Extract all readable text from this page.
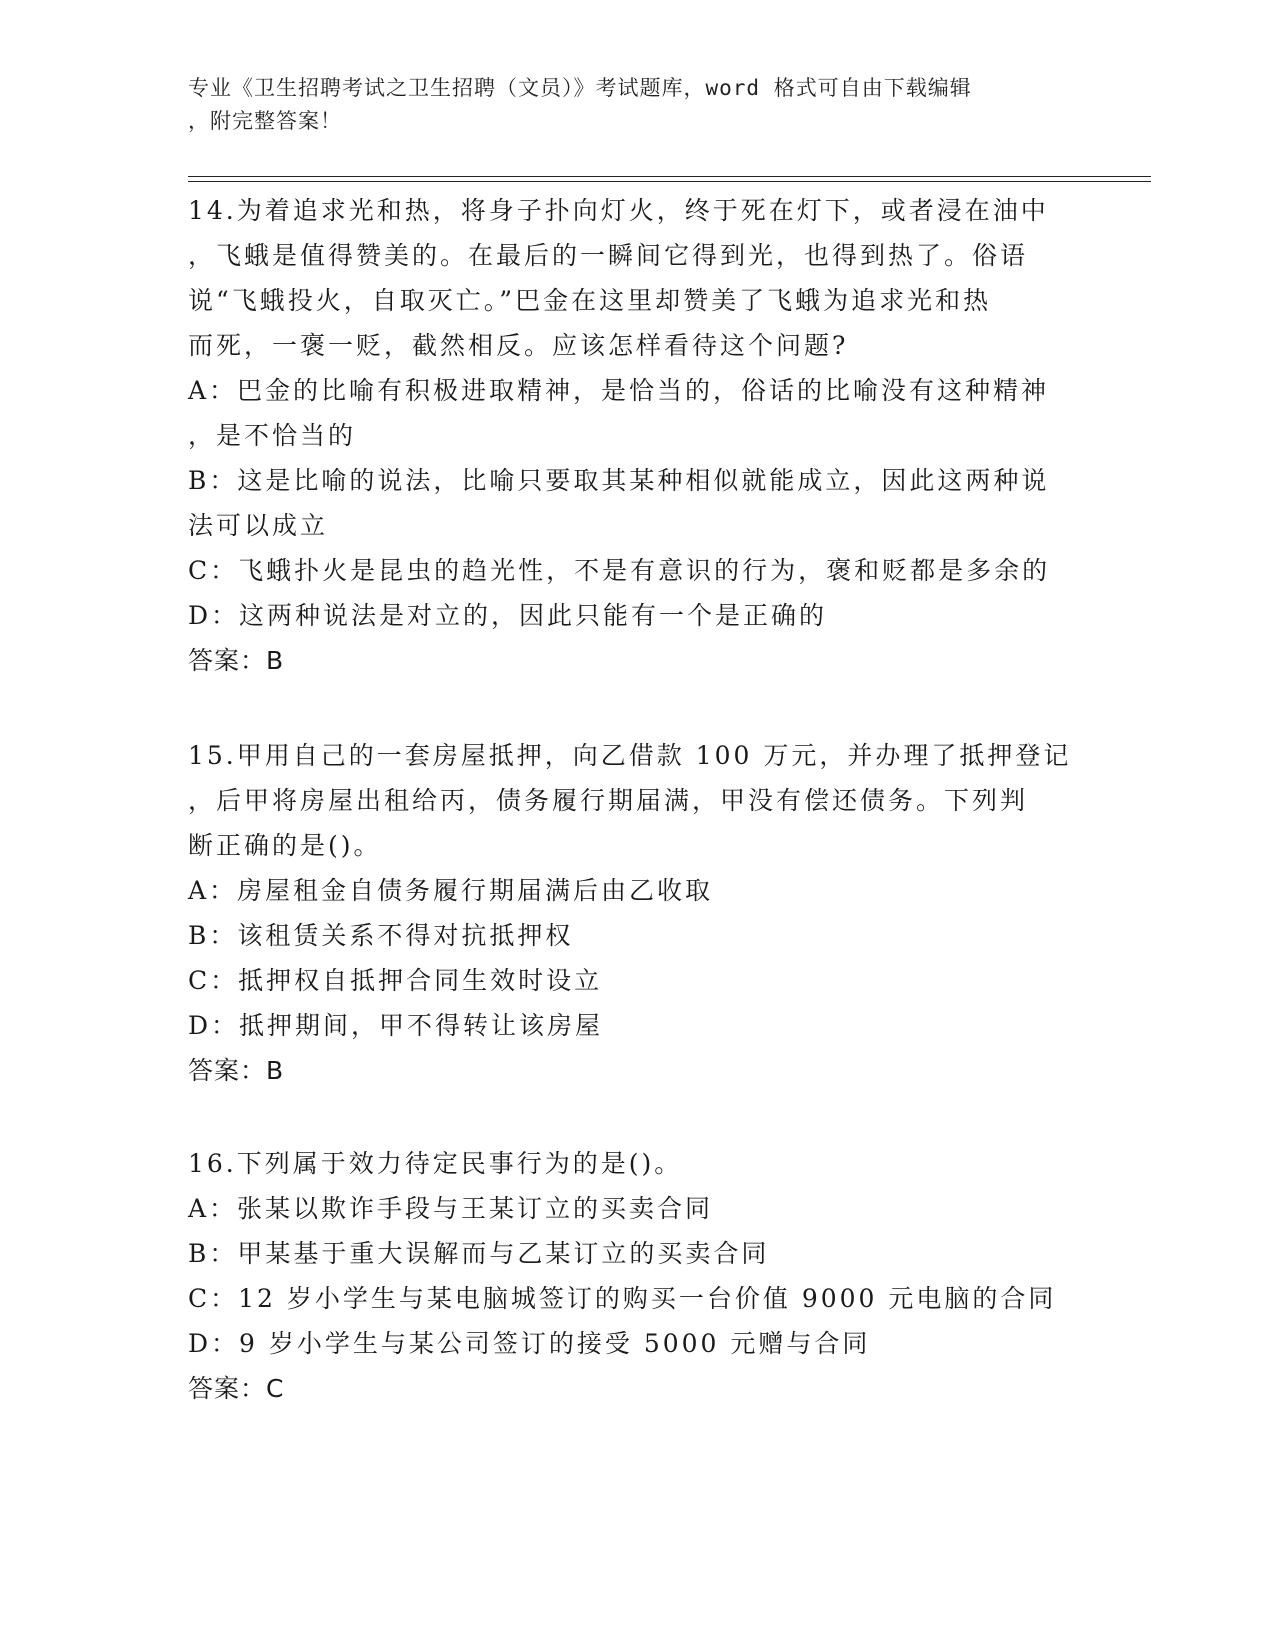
专业《卫生招聘考试之卫生招聘（文员）》考试题库，word 格式可自由下载编辑
，附完整答案！
14.为着追求光和热，将身子扑向灯火，终于死在灯下，或者浸在油中
，飞蛾是值得赞美的。在最后的一瞬间它得到光，也得到热了。俗语
说“飞蛾投火，自取灭亡。”巴金在这里却赞美了飞蛾为追求光和热
而死，一褒一贬，截然相反。应该怎样看待这个问题?
A：巴金的比喻有积极进取精神，是恰当的，俗话的比喻没有这种精神
，是不恰当的
B：这是比喻的说法，比喻只要取其某种相似就能成立，因此这两种说
法可以成立
C：飞蛾扑火是昆虫的趋光性，不是有意识的行为，褒和贬都是多余的
D：这两种说法是对立的，因此只能有一个是正确的
答案：B
15.甲用自己的一套房屋抵押，向乙借款 100 万元，并办理了抵押登记
，后甲将房屋出租给丙，债务履行期届满，甲没有偿还债务。下列判
断正确的是()。
A：房屋租金自债务履行期届满后由乙收取
B：该租赁关系不得对抗抵押权
C：抵押权自抵押合同生效时设立
D：抵押期间，甲不得转让该房屋
答案：B
16.下列属于效力待定民事行为的是()。
A：张某以欺诈手段与王某订立的买卖合同
B：甲某基于重大误解而与乙某订立的买卖合同
C：12 岁小学生与某电脑城签订的购买一台价值 9000 元电脑的合同
D：9 岁小学生与某公司签订的接受 5000 元赠与合同
答案：C
